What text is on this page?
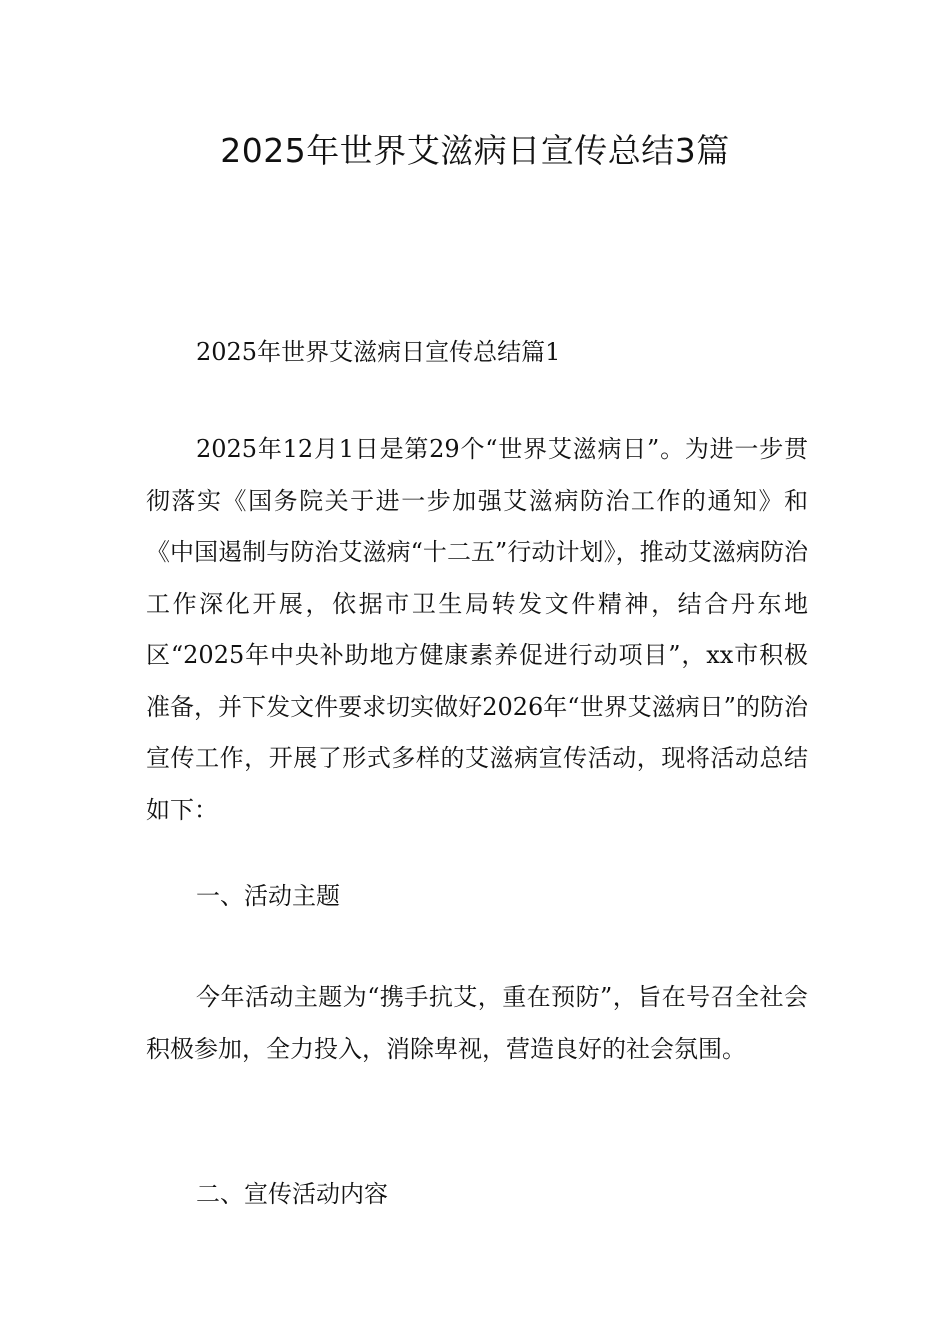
2025年世界艾滋病日宣传总结3篇

2025年世界艾滋病日宣传总结篇1

2025年12月1日是第29个“世界艾滋病日”。为进一步贯彻落实《国务院关于进一步加强艾滋病防治工作的通知》和《中国遏制与防治艾滋病“十二五”行动计划》，推动艾滋病防治工作深化开展，依据市卫生局转发文件精神，结合丹东地区“2025年中央补助地方健康素养促进行动项目”，xx市积极准备，并下发文件要求切实做好2026年“世界艾滋病日”的防治宣传工作，开展了形式多样的艾滋病宣传活动，现将活动总结如下：

一、活动主题

今年活动主题为“携手抗艾，重在预防”，旨在号召全社会积极参加，全力投入，消除卑视，营造良好的社会氛围。

二、宣传活动内容
